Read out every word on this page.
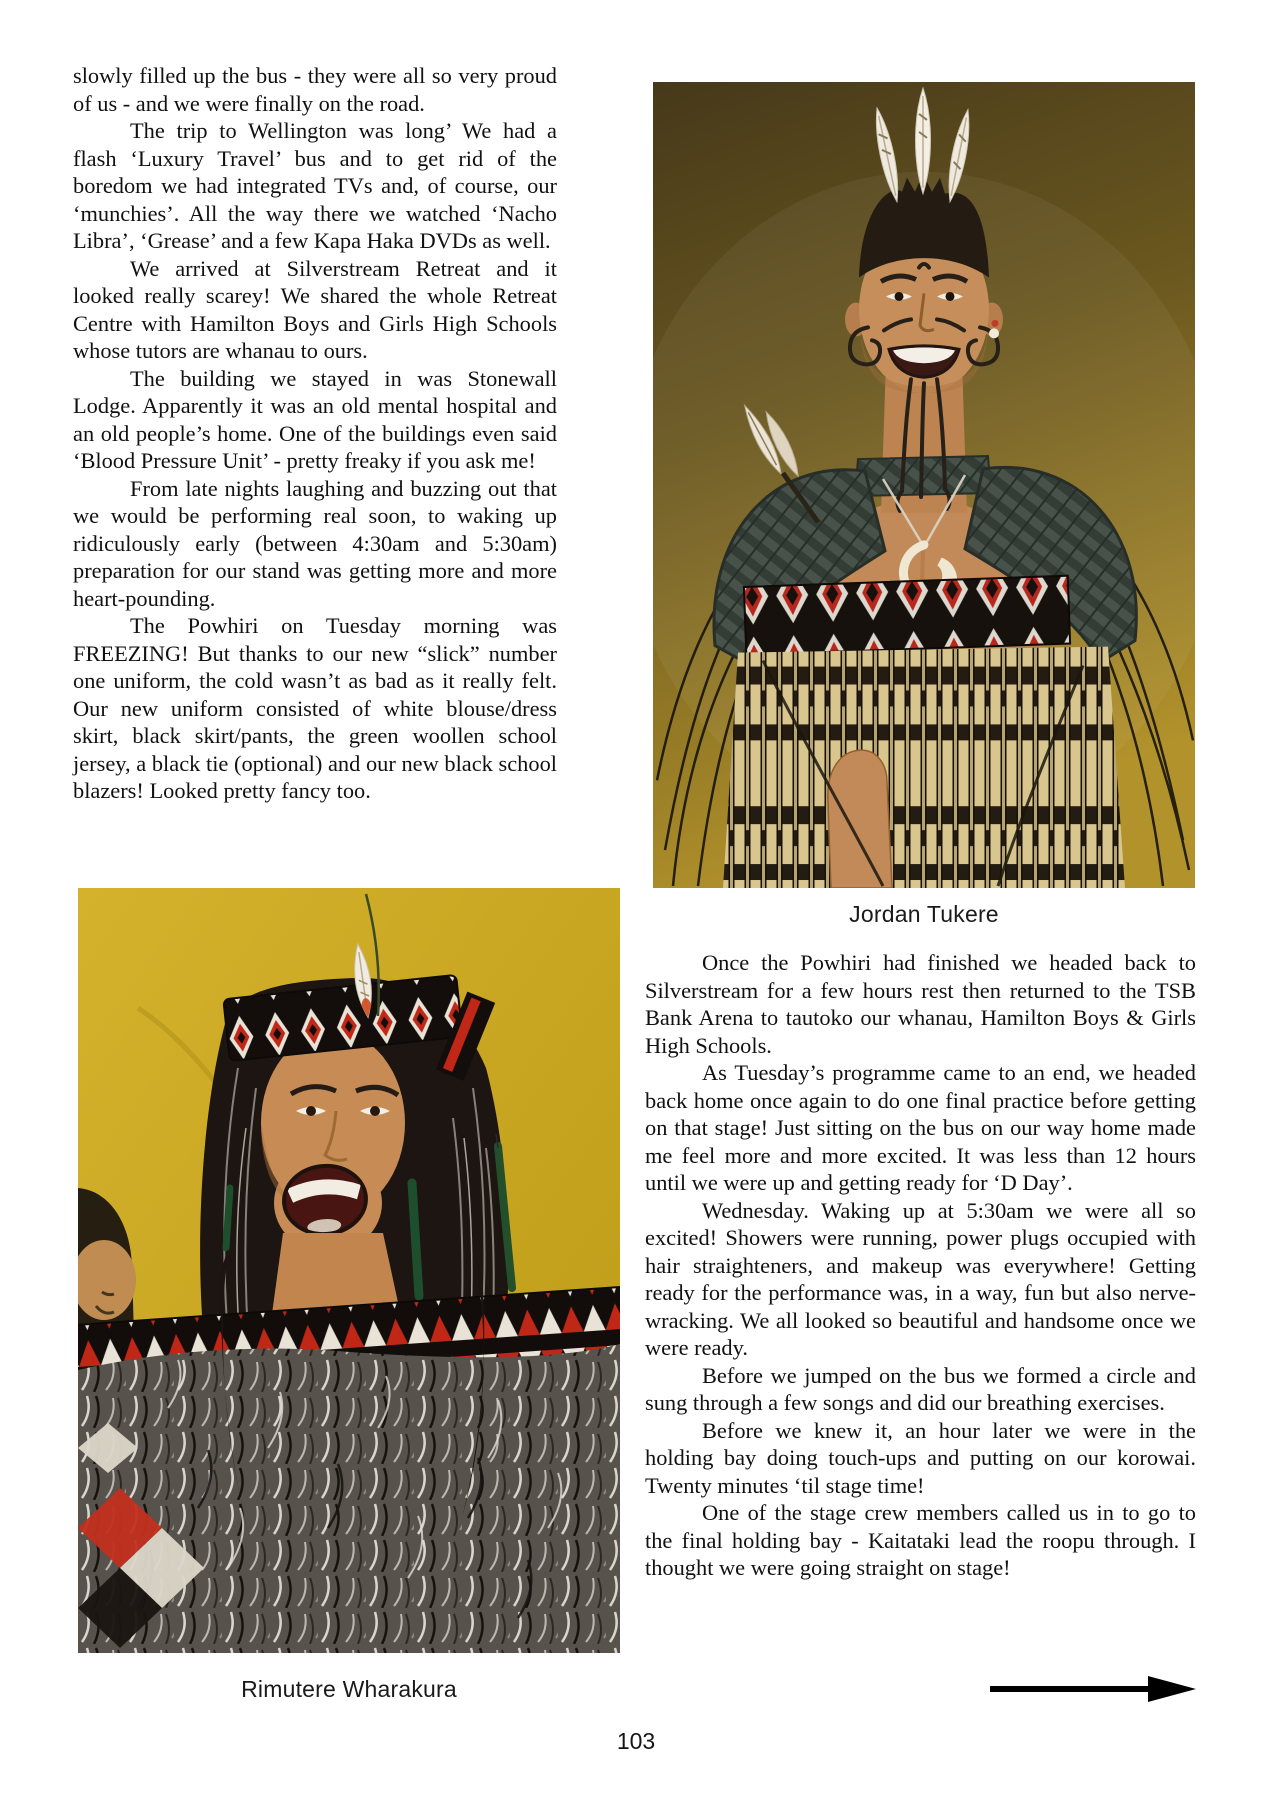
slowly filled up the bus - they were all so very proud of us - and we were finally on the road.

The trip to Wellington was long’ We had a flash ‘Luxury Travel’ bus and to get rid of the boredom we had integrated TVs and, of course, our ‘munchies’. All the way there we watched ‘Nacho Libra’, ‘Grease’ and a few Kapa Haka DVDs as well.

We arrived at Silverstream Retreat and it looked really scarey! We shared the whole Retreat Centre with Hamilton Boys and Girls High Schools whose tutors are whanau to ours.

The building we stayed in was Stonewall Lodge. Apparently it was an old mental hospital and an old people’s home. One of the buildings even said ‘Blood Pressure Unit’ - pretty freaky if you ask me!

From late nights laughing and buzzing out that we would be performing real soon, to waking up ridiculously early (between 4:30am and 5:30am) preparation for our stand was getting more and more heart-pounding.

The Powhiri on Tuesday morning was FREEZING! But thanks to our new “slick” number one uniform, the cold wasn’t as bad as it really felt. Our new uniform consisted of white blouse/dress skirt, black skirt/pants, the green woollen school jersey, a black tie (optional) and our new black school blazers! Looked pretty fancy too.

Jordan Tukere

Once the Powhiri had finished we headed back to Silverstream for a few hours rest then returned to the TSB Bank Arena to tautoko our whanau, Hamilton Boys & Girls High Schools.

As Tuesday’s programme came to an end, we headed back home once again to do one final practice before getting on that stage! Just sitting on the bus on our way home made me feel more and more excited. It was less than 12 hours until we were up and getting ready for ‘D Day’.

Wednesday. Waking up at 5:30am we were all so excited! Showers were running, power plugs occupied with hair straighteners, and makeup was everywhere! Getting ready for the performance was, in a way, fun but also nerve-wracking. We all looked so beautiful and handsome once we were ready.

Before we jumped on the bus we formed a circle and sung through a few songs and did our breathing exercises.

Before we knew it, an hour later we were in the holding bay doing touch-ups and putting on our korowai. Twenty minutes ‘til stage time!

One of the stage crew members called us in to go to the final holding bay - Kaitataki lead the roopu through. I thought we were going straight on stage!

Rimutere Wharakura
103
